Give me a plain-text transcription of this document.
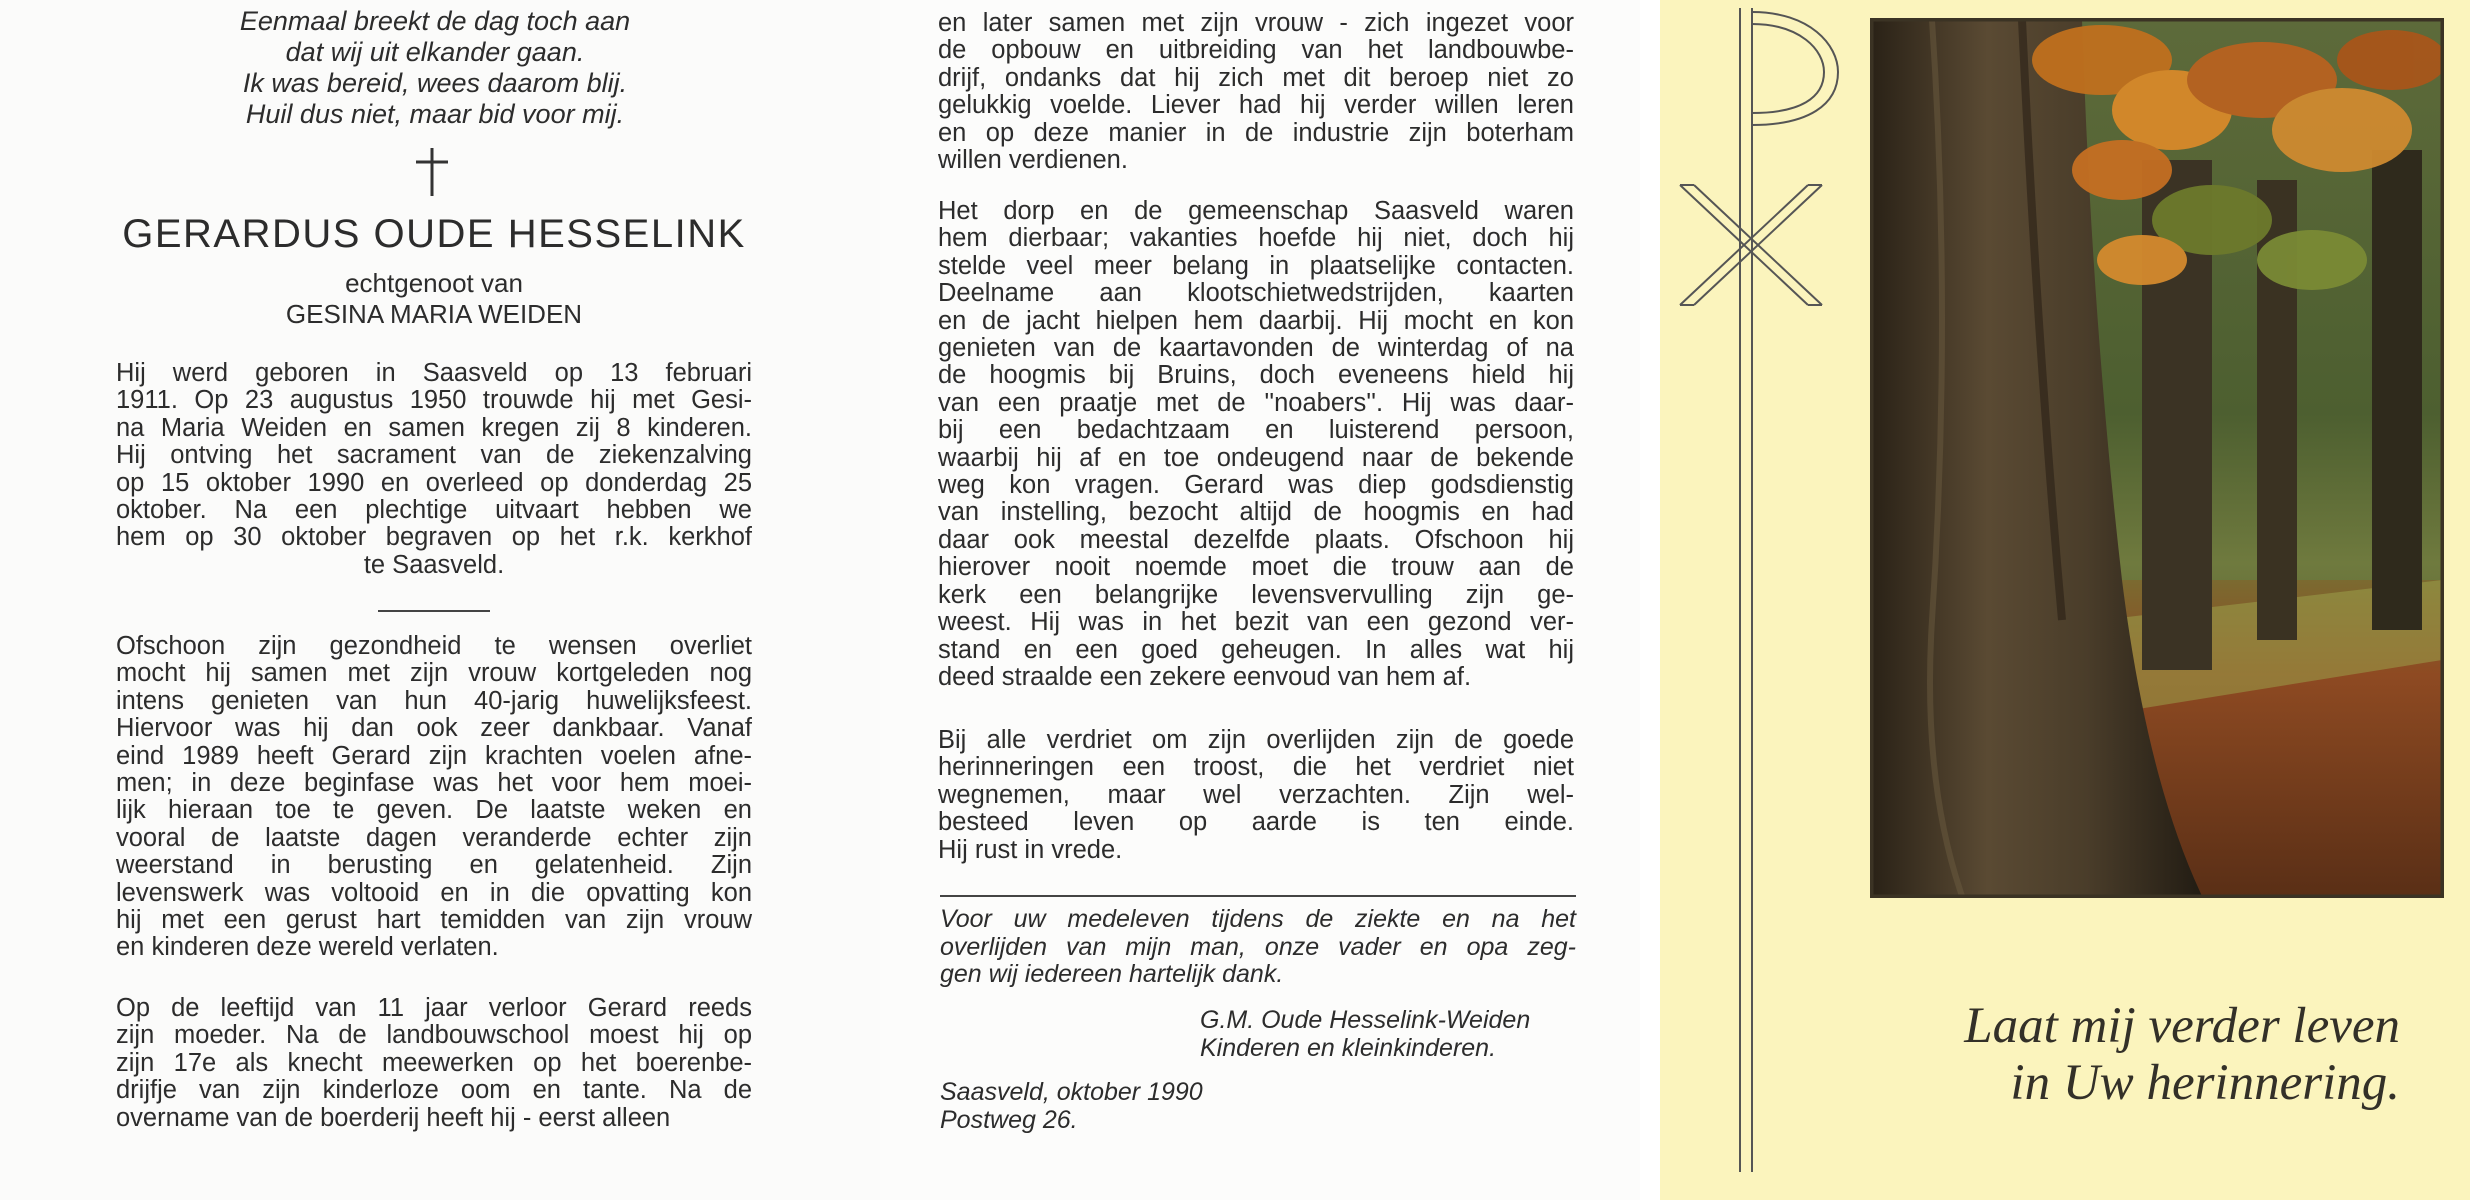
Eenmaal breekt de dag toch aan
dat wij uit elkander gaan.
Ik was bereid, wees daarom blij.
Huil dus niet, maar bid voor mij.
GERARDUS OUDE HESSELINK
echtgenoot van
GESINA MARIA WEIDEN
Hij werd geboren in Saasveld op 13 februari
1911. Op 23 augustus 1950 trouwde hij met Gesi-
na Maria Weiden en samen kregen zij 8 kinderen.
Hij ontving het sacrament van de ziekenzalving
op 15 oktober 1990 en overleed op donderdag 25
oktober. Na een plechtige uitvaart hebben we
hem op 30 oktober begraven op het r.k. kerkhof
te Saasveld.
Ofschoon zijn gezondheid te wensen overliet
mocht hij samen met zijn vrouw kortgeleden nog
intens genieten van hun 40-jarig huwelijksfeest.
Hiervoor was hij dan ook zeer dankbaar. Vanaf
eind 1989 heeft Gerard zijn krachten voelen afne-
men; in deze beginfase was het voor hem moei-
lijk hieraan toe te geven. De laatste weken en
vooral de laatste dagen veranderde echter zijn
weerstand in berusting en gelatenheid. Zijn
levenswerk was voltooid en in die opvatting kon
hij met een gerust hart temidden van zijn vrouw
en kinderen deze wereld verlaten.
Op de leeftijd van 11 jaar verloor Gerard reeds
zijn moeder. Na de landbouwschool moest hij op
zijn 17e als knecht meewerken op het boerenbe-
drijfje van zijn kinderloze oom en tante. Na de
overname van de boerderij heeft hij - eerst alleen
en later samen met zijn vrouw - zich ingezet voor
de opbouw en uitbreiding van het landbouwbe-
drijf, ondanks dat hij zich met dit beroep niet zo
gelukkig voelde. Liever had hij verder willen leren
en op deze manier in de industrie zijn boterham
willen verdienen.
Het dorp en de gemeenschap Saasveld waren
hem dierbaar; vakanties hoefde hij niet, doch hij
stelde veel meer belang in plaatselijke contacten.
Deelname aan klootschietwedstrijden, kaarten
en de jacht hielpen hem daarbij. Hij mocht en kon
genieten van de kaartavonden de winterdag of na
de hoogmis bij Bruins, doch eveneens hield hij
van een praatje met de ''noabers''. Hij was daar-
bij een bedachtzaam en luisterend persoon,
waarbij hij af en toe ondeugend naar de bekende
weg kon vragen. Gerard was diep godsdienstig
van instelling, bezocht altijd de hoogmis en had
daar ook meestal dezelfde plaats. Ofschoon hij
hierover nooit noemde moet die trouw aan de
kerk een belangrijke levensvervulling zijn ge-
weest. Hij was in het bezit van een gezond ver-
stand en een goed geheugen. In alles wat hij
deed straalde een zekere eenvoud van hem af.
Bij alle verdriet om zijn overlijden zijn de goede
herinneringen een troost, die het verdriet niet
wegnemen, maar wel verzachten. Zijn wel-
besteed leven op aarde is ten einde.
Hij rust in vrede.
Voor uw medeleven tijdens de ziekte en na het
overlijden van mijn man, onze vader en opa zeg-
gen wij iedereen hartelijk dank.
G.M. Oude Hesselink-Weiden
Kinderen en kleinkinderen.
Saasveld, oktober 1990
Postweg 26.
Laat mij verder leven
in Uw herinnering.
